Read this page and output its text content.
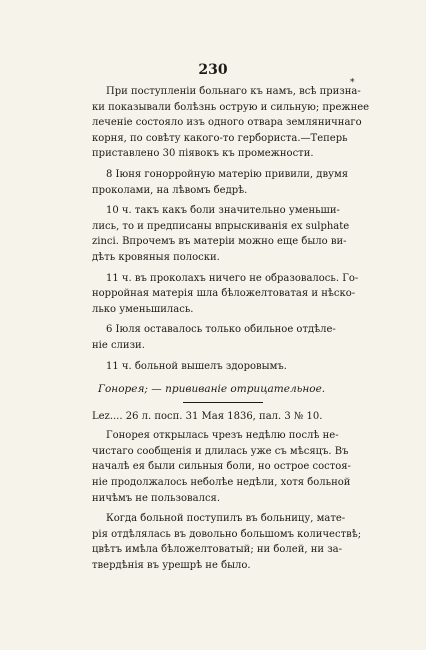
230
*
При поступленіи больнаго къ намъ, всѣ призна-
ки показывали болѣзнь острую и сильную; прежнее
леченіе состояло изъ одного отвара земляничнаго
корня, по совѣту какого-то гербориста.—Теперь
приставлено 30 піявокъ къ промежности.
8 Іюня гонорройную матерію привили, двумя
проколами, на лѣвомъ бедрѣ.
10 ч. такъ какъ боли значительно уменьши-
лись, то и предписаны впрыскиванія ex sulphate
zinci. Впрочемъ въ матеріи можно еще было ви-
дѣть кровяныя полоски.
11 ч. въ проколахъ ничего не образовалось. Го-
норройная матерія шла бѣложелтоватая и нѣско-
лько уменьшилась.
6 Іюля оставалось только обильное отдѣле-
ніе слизи.
11 ч. больной вышелъ здоровымъ.
Гонорея; — прививаніе отрицательное.
Lez.... 26 л. посп. 31 Мая 1836, пал. 3 № 10.
Гонорея открылась чрезъ недѣлю послѣ не-
чистаго сообщенія и длилась уже съ мѣсяцъ. Въ
началѣ ея были сильныя боли, но острое состоя-
ніе продолжалось неболѣе недѣли, хотя больной
ничѣмъ не пользовался.
Когда больной поступилъ въ больницу, мате-
рія отдѣлялась въ довольно большомъ количествѣ;
цвѣтъ имѣла бѣложелтоватый; ни болей, ни за-
твердѣнія въ урешрѣ не было.
